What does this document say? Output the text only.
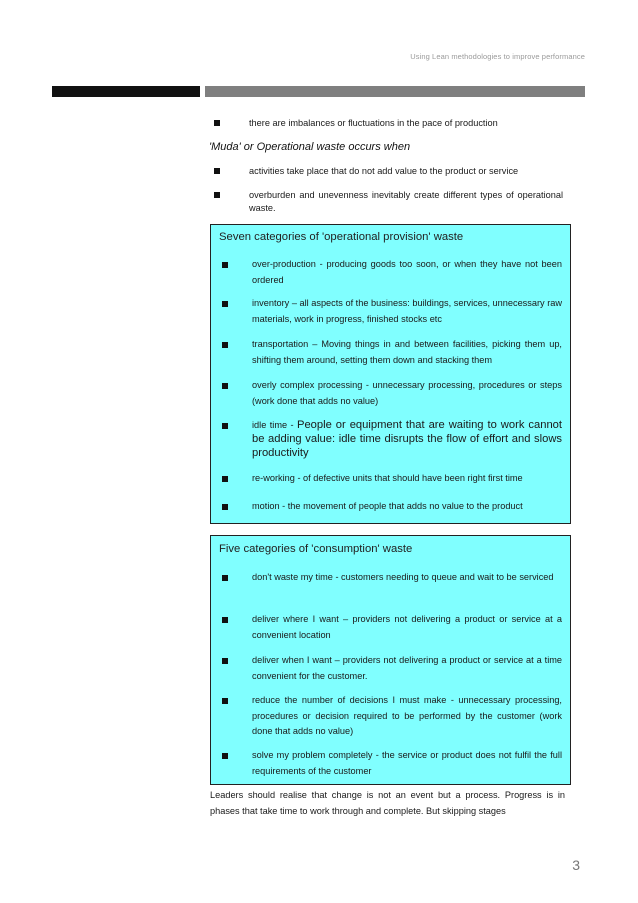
Using Lean methodologies to improve performance
there are imbalances or fluctuations in the pace of production
'Muda' or Operational waste occurs when
activities take place that do not add value to the product or service
overburden and unevenness inevitably create different types of operational waste.
Seven categories of 'operational provision' waste
over-production - producing goods too soon, or when they have not been ordered
inventory – all aspects of the business: buildings, services, unnecessary raw materials, work in progress, finished stocks etc
transportation – Moving things in and between facilities, picking them up, shifting them around, setting them down and stacking them
overly complex processing - unnecessary processing, procedures or steps (work done that adds no value)
idle time - People or equipment that are waiting to work cannot be adding value: idle time disrupts the flow of effort and slows productivity
re-working - of defective units that should have been right first time
motion - the movement of people that adds no value to the product
Five categories of 'consumption' waste
don't waste my time - customers needing to queue and wait to be serviced
deliver where I want – providers not delivering a product or service at a convenient location
deliver when I want – providers not delivering a product or service at a time convenient for the customer.
reduce the number of decisions I must make - unnecessary processing, procedures or decision required to be performed by the customer (work done that adds no value)
solve my problem completely - the service or product does not fulfil the full requirements of the customer
Leaders should realise that change is not an event but a process. Progress is in phases that take time to work through and complete. But skipping stages
3
